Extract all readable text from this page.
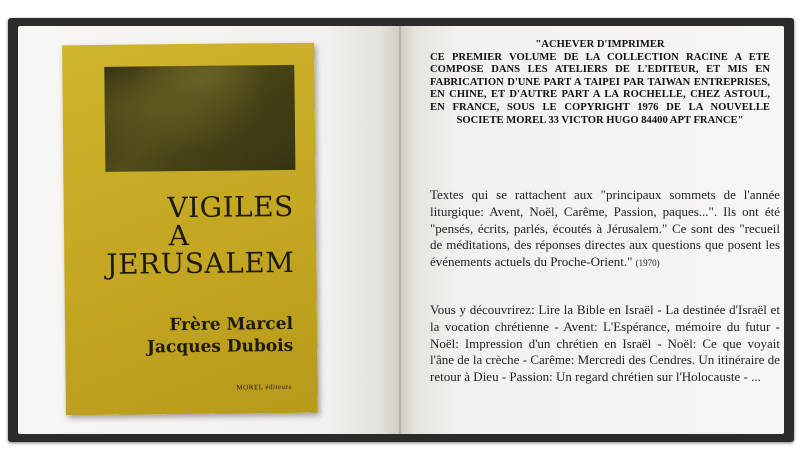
VIGILES
A
JERUSALEM
Frère Marcel
Jacques Dubois
MOREL éditeurs
"ACHEVER D'IMPRIMER
CE PREMIER VOLUME DE LA COLLECTION RACINE A ETE COMPOSE DANS LES ATELIERS DE L'EDITEUR, ET MIS EN FABRICATION D'UNE PART A TAIPEI PAR TAIWAN ENTREPRISES, EN CHINE, ET D'AUTRE PART A LA ROCHELLE, CHEZ ASTOUL, EN FRANCE, SOUS LE COPYRIGHT 1976 DE LA NOUVELLE SOCIETE MOREL 33 VICTOR HUGO 84400 APT FRANCE"
Textes qui se rattachent aux "principaux sommets de l'année liturgique: Avent, Noël, Carême, Passion, paques...". Ils ont été "pensés, écrits, parlés, écoutés à Jérusalem." Ce sont des "recueil de méditations, des réponses directes aux questions que posent les événements actuels du Proche-Orient." (1970)
Vous y découvrirez: Lire la Bible en Israël - La destinée d'Israël et la vocation chrétienne - Avent: L'Espérance, mémoire du futur - Noël: Impression d'un chrétien en Israël - Noël: Ce que voyait l'âne de la crèche - Carême: Mercredi des Cendres. Un itinéraire de retour à Dieu - Passion: Un regard chrétien sur l'Holocauste - ...
